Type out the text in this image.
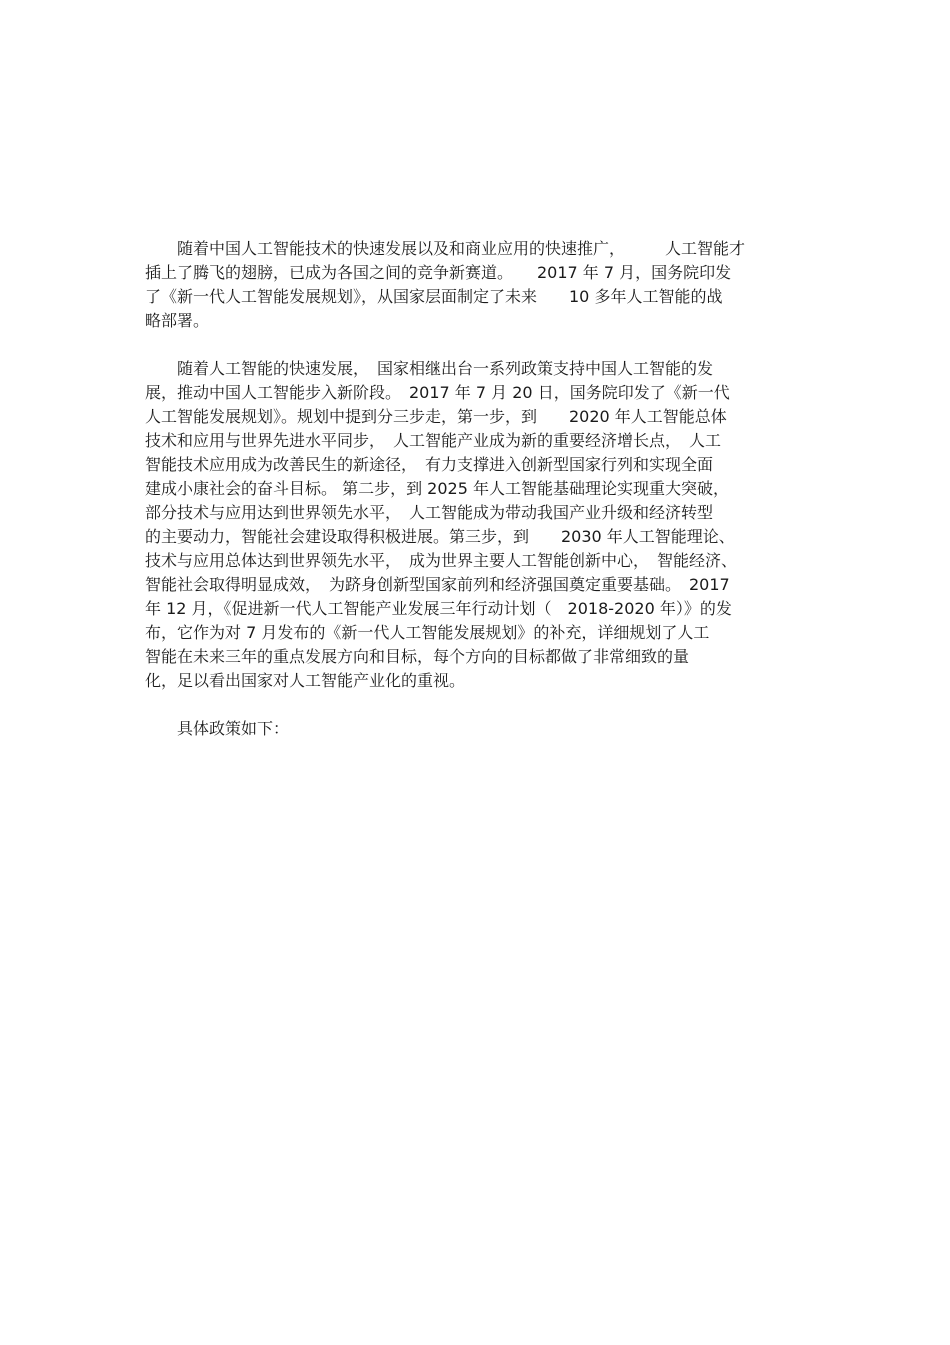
　　随着中国人工智能技术的快速发展以及和商业应用的快速推广，　　　人工智能才
插上了腾飞的翅膀，已成为各国之间的竞争新赛道。　　2017 年 7 月，国务院印发
了《新一代人工智能发展规划》，从国家层面制定了未来　　10 多年人工智能的战
略部署。
　　随着人工智能的快速发展，　国家相继出台一系列政策支持中国人工智能的发
展，推动中国人工智能步入新阶段。　2017 年 7 月 20 日，国务院印发了《新一代
人工智能发展规划》。规划中提到分三步走，第一步，到　　2020 年人工智能总体
技术和应用与世界先进水平同步，　人工智能产业成为新的重要经济增长点，　人工
智能技术应用成为改善民生的新途径，　有力支撑进入创新型国家行列和实现全面
建成小康社会的奋斗目标。 第二步，到 2025 年人工智能基础理论实现重大突破，
部分技术与应用达到世界领先水平，　人工智能成为带动我国产业升级和经济转型
的主要动力，智能社会建设取得积极进展。第三步，到　　2030 年人工智能理论、
技术与应用总体达到世界领先水平，　成为世界主要人工智能创新中心，　智能经济、
智能社会取得明显成效，　为跻身创新型国家前列和经济强国奠定重要基础。　2017
年 12 月，《促进新一代人工智能产业发展三年行动计划（　2018-2020 年）》的发
布，它作为对 7 月发布的《新一代人工智能发展规划》的补充，详细规划了人工
智能在未来三年的重点发展方向和目标，每个方向的目标都做了非常细致的量
化，足以看出国家对人工智能产业化的重视。
　　具体政策如下：
